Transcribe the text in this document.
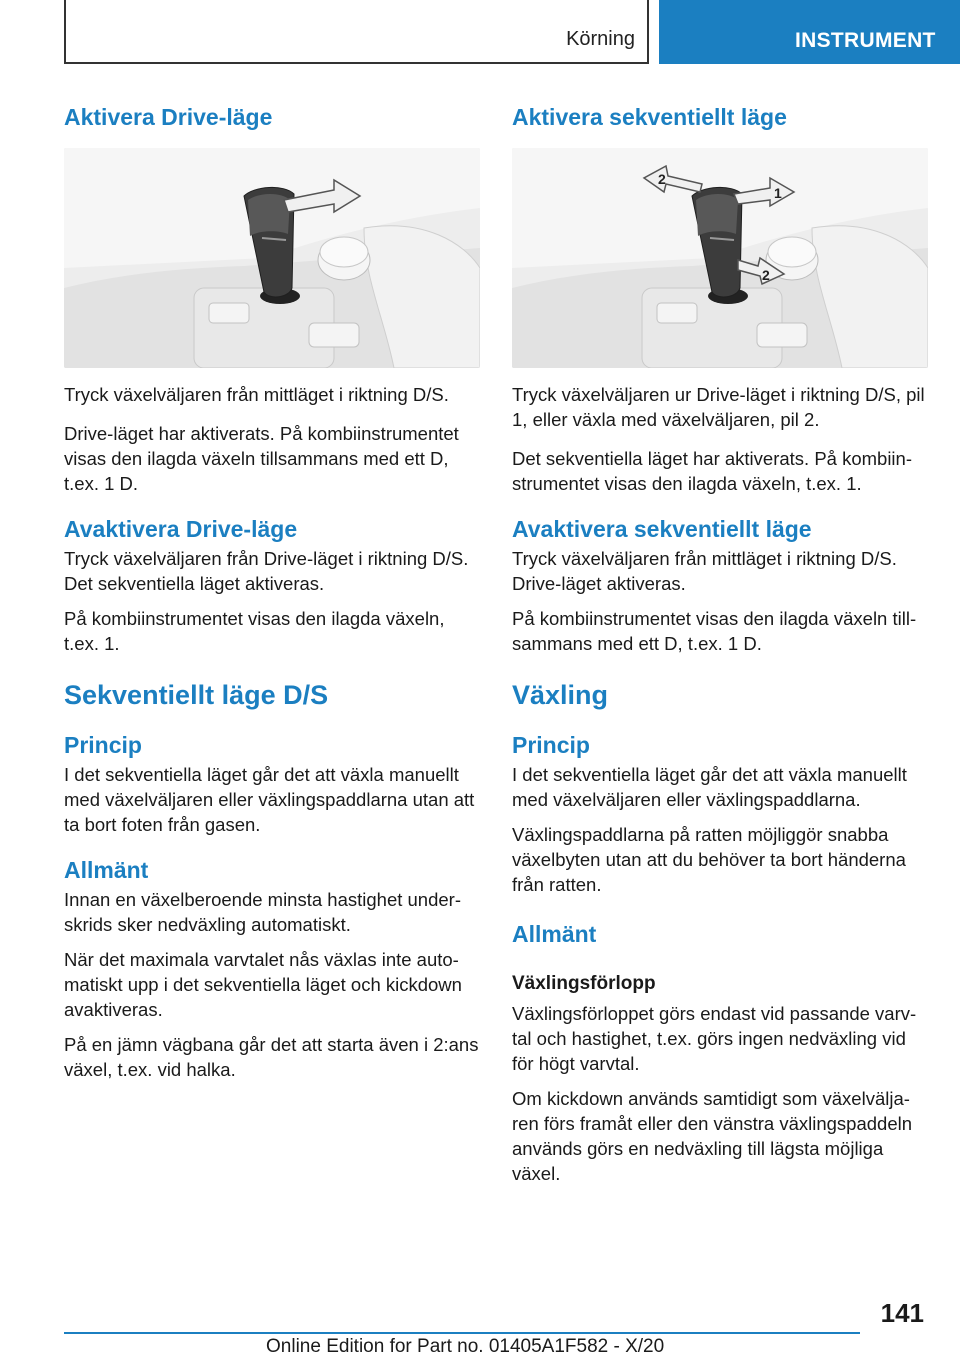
Körning	INSTRUMENT
Aktivera Drive-läge
Tryck växelväljaren från mittläget i riktning D/S.
Drive-läget har aktiverats. På kombiinstrumentet visas den ilagda växeln tillsammans med ett D, t.ex. 1 D.
Avaktivera Drive-läge
Tryck växelväljaren från Drive-läget i riktning D/S. Det sekventiella läget aktiveras.
På kombiinstrumentet visas den ilagda växeln, t.ex. 1.
Sekventiellt läge D/S
Princip
I det sekventiella läget går det att växla manuellt med växelväljaren eller växlingspaddlarna utan att ta bort foten från gasen.
Allmänt
Innan en växelberoende minsta hastighet under-skrids sker nedväxling automatiskt.
När det maximala varvtalet nås växlas inte auto-matiskt upp i det sekventiella läget och kickdown avaktiveras.
På en jämn vägbana går det att starta även i 2:ans växel, t.ex. vid halka.
Aktivera sekventiellt läge
1
2
2
Tryck växelväljaren ur Drive-läget i riktning D/S, pil 1, eller växla med växelväljaren, pil 2.
Det sekventiella läget har aktiverats. På kombiin-strumentet visas den ilagda växeln, t.ex. 1.
Avaktivera sekventiellt läge
Tryck växelväljaren från mittläget i riktning D/S. Drive-läget aktiveras.
På kombiinstrumentet visas den ilagda växeln till-sammans med ett D, t.ex. 1 D.
Växling
Princip
I det sekventiella läget går det att växla manuellt med växelväljaren eller växlingspaddlarna.
Växlingspaddlarna på ratten möjliggör snabba växelbyten utan att du behöver ta bort händerna från ratten.
Allmänt
Växlingsförlopp
Växlingsförloppet görs endast vid passande varv-tal och hastighet, t.ex. görs ingen nedväxling vid för högt varvtal.
Om kickdown används samtidigt som växelvälja-ren förs framåt eller den vänstra växlingspaddeln används görs en nedväxling till lägsta möjliga växel.
141
Online Edition for Part no. 01405A1F582 - X/20
